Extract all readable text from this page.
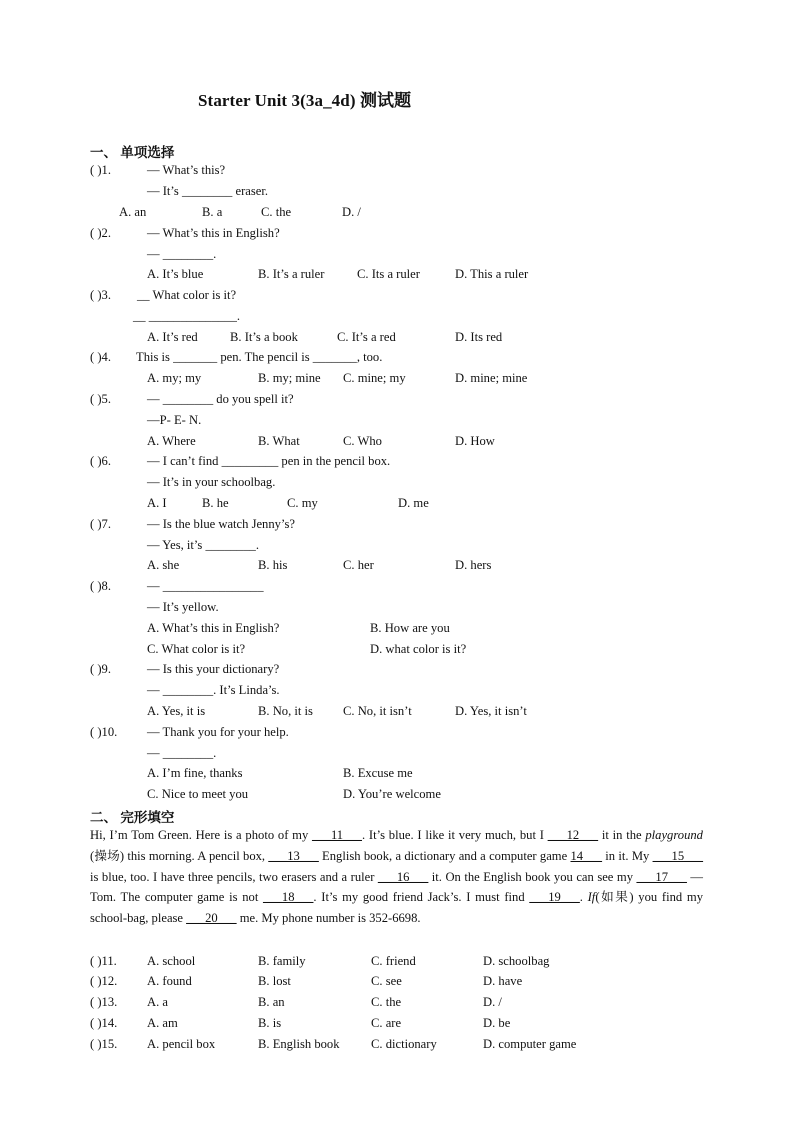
Starter Unit 3(3a_4d) 测试题
一、 单项选择
( )1.	— What’s this?
— It’s ________ eraser.
A. an	B. a	C. the	D. /
( )2.	— What’s this in English?
— ________.
A. It’s blue	B. It’s a ruler	C. Its a ruler	D. This a ruler
( )3. __ What color is it?
__ ______________.
A. It’s red	B. It’s a book	C. It’s a red	D. Its red
( )4. This is _______ pen. The pencil is _______, too.
A. my; my	B. my; mine C. mine; my	D. mine; mine
( )5.	— ________ do you spell it?
—P- E- N.
A. Where	B. What	C. Who	D. How
( )6.	— I can’t find _________ pen in the pencil box.
— It’s in your schoolbag.
A. I	B. he	C. my	D. me
( )7.	— Is the blue watch Jenny’s?
— Yes, it’s ________.
A. she	B. his	C. her	D. hers
( )8.	— ________________
— It’s yellow.
A. What’s this in English?	B. How are you
C. What color is it?	D. what color is it?
( )9.	— Is this your dictionary?
— ________. It’s Linda’s.
A. Yes, it is	B. No, it is C. No, it isn’t	D. Yes, it isn’t
( )10. — Thank you for your help.
— ________.
A. I’m fine, thanks	B. Excuse me
C. Nice to meet you	D. You’re welcome
二、 完形填空
Hi, I’m Tom Green. Here is a photo of my ___11___. It’s blue. I like it very much, but I ___12___ it in the playground (操场) this morning. A pencil box, ___13___ English book, a dictionary and a computer game 14___ in it. My ___15___ is blue, too. I have three pencils, two erasers and a ruler ___16___ it. On the English book you can see my ___17___ — Tom. The computer game is not ___18___. It’s my good friend Jack’s. I must find ___19___. If(如果) you find my school-bag, please ___20___ me. My phone number is 352-6698.
( )11. A. school	B. family	C. friend	D. schoolbag
( )12. A. found	B. lost	C. see	D. have
( )13. A. a	B. an	C. the	D. /
( )14. A. am	B. is	C. are	D. be
( )15. A. pencil box	B. English book C. dictionary	D. computer game
